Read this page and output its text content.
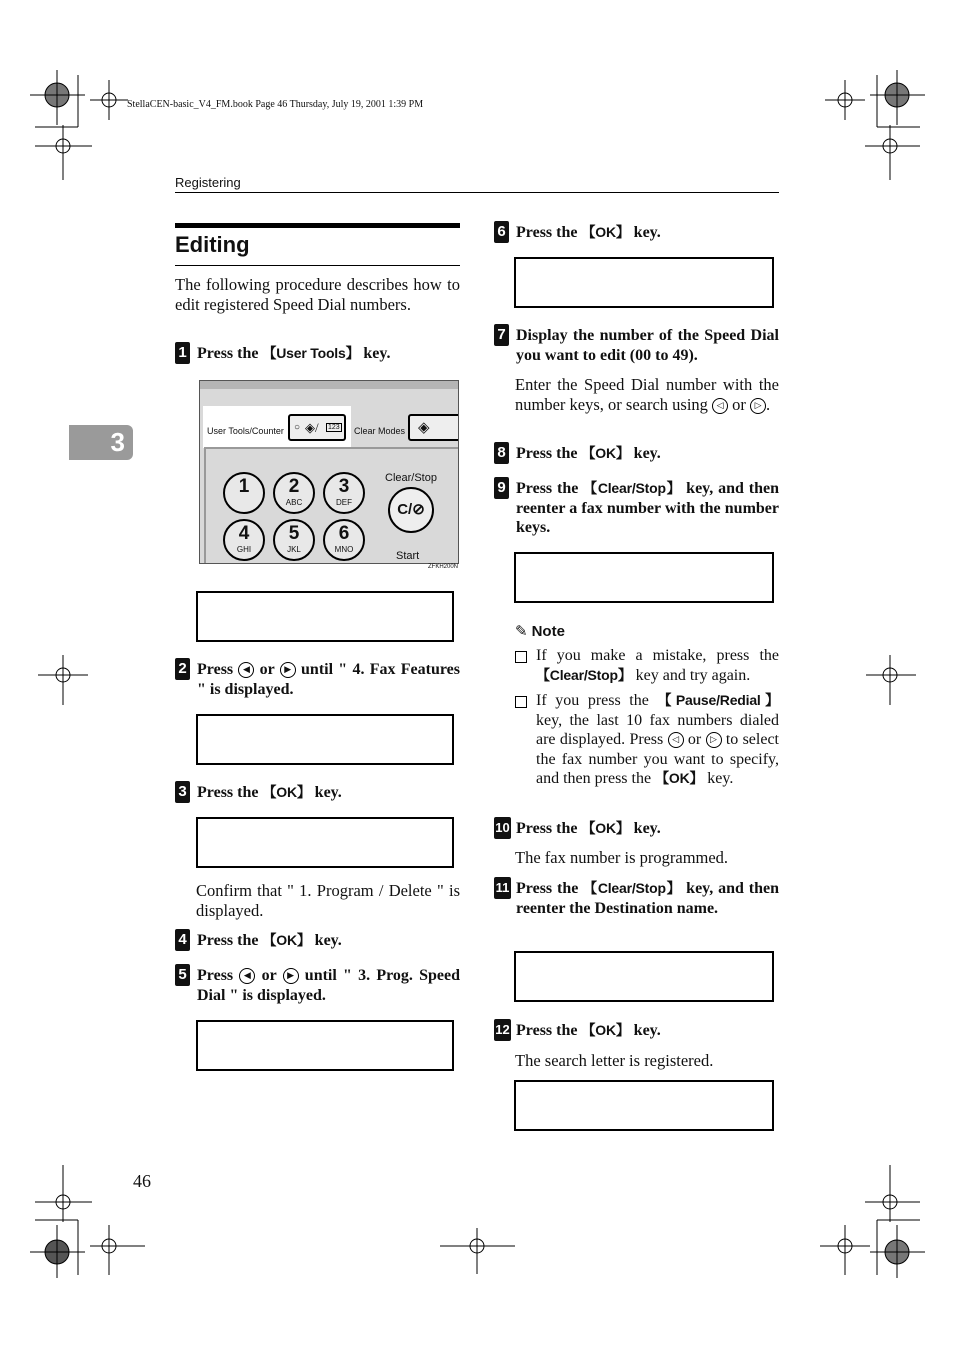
StellaCEN-basic_V4_FM.book Page 46 Thursday, July 19, 2001 1:39 PM
Registering
3
Editing
The following procedure describes how to edit registered Speed Dial numbers.
1 Press the 【User Tools】 key.
User Tools/Counter ○ ◈/ 123 Clear Modes ◈
1	2
ABC
3
DEF
4
GHI
5
JKL
6
MNO
Clear/Stop
C/⊘
Start
ZFKH200N

2 Press ◀ or ▶ until " 4. Fax Features " is displayed.

3 Press the 【OK】 key.

Confirm that " 1. Program / Delete " is displayed.
4 Press the 【OK】 key.
5 Press ◀ or ▶ until " 3. Prog. Speed Dial " is displayed.

6 Press the 【OK】 key.

7 Display the number of the Speed Dial you want to edit (00 to 49).
Enter the Speed Dial number with the number keys, or search using ◁ or ▷ .
8 Press the 【OK】 key.
9 Press the 【Clear/Stop】 key, and then reenter a fax number with the number keys.

✎ Note
If you make a mistake, press the 【Clear/Stop】 key and try again.
If you press the 【Pause/Redial】 key, the last 10 fax numbers dialed are displayed. Press ◁ or ▷ to select the fax number you want to specify, and then press the 【OK】 key.
10 Press the 【OK】 key.
The fax number is programmed.
11 Press the 【Clear/Stop】 key, and then reenter the Destination name.

12 Press the 【OK】 key.
The search letter is registered.

46
